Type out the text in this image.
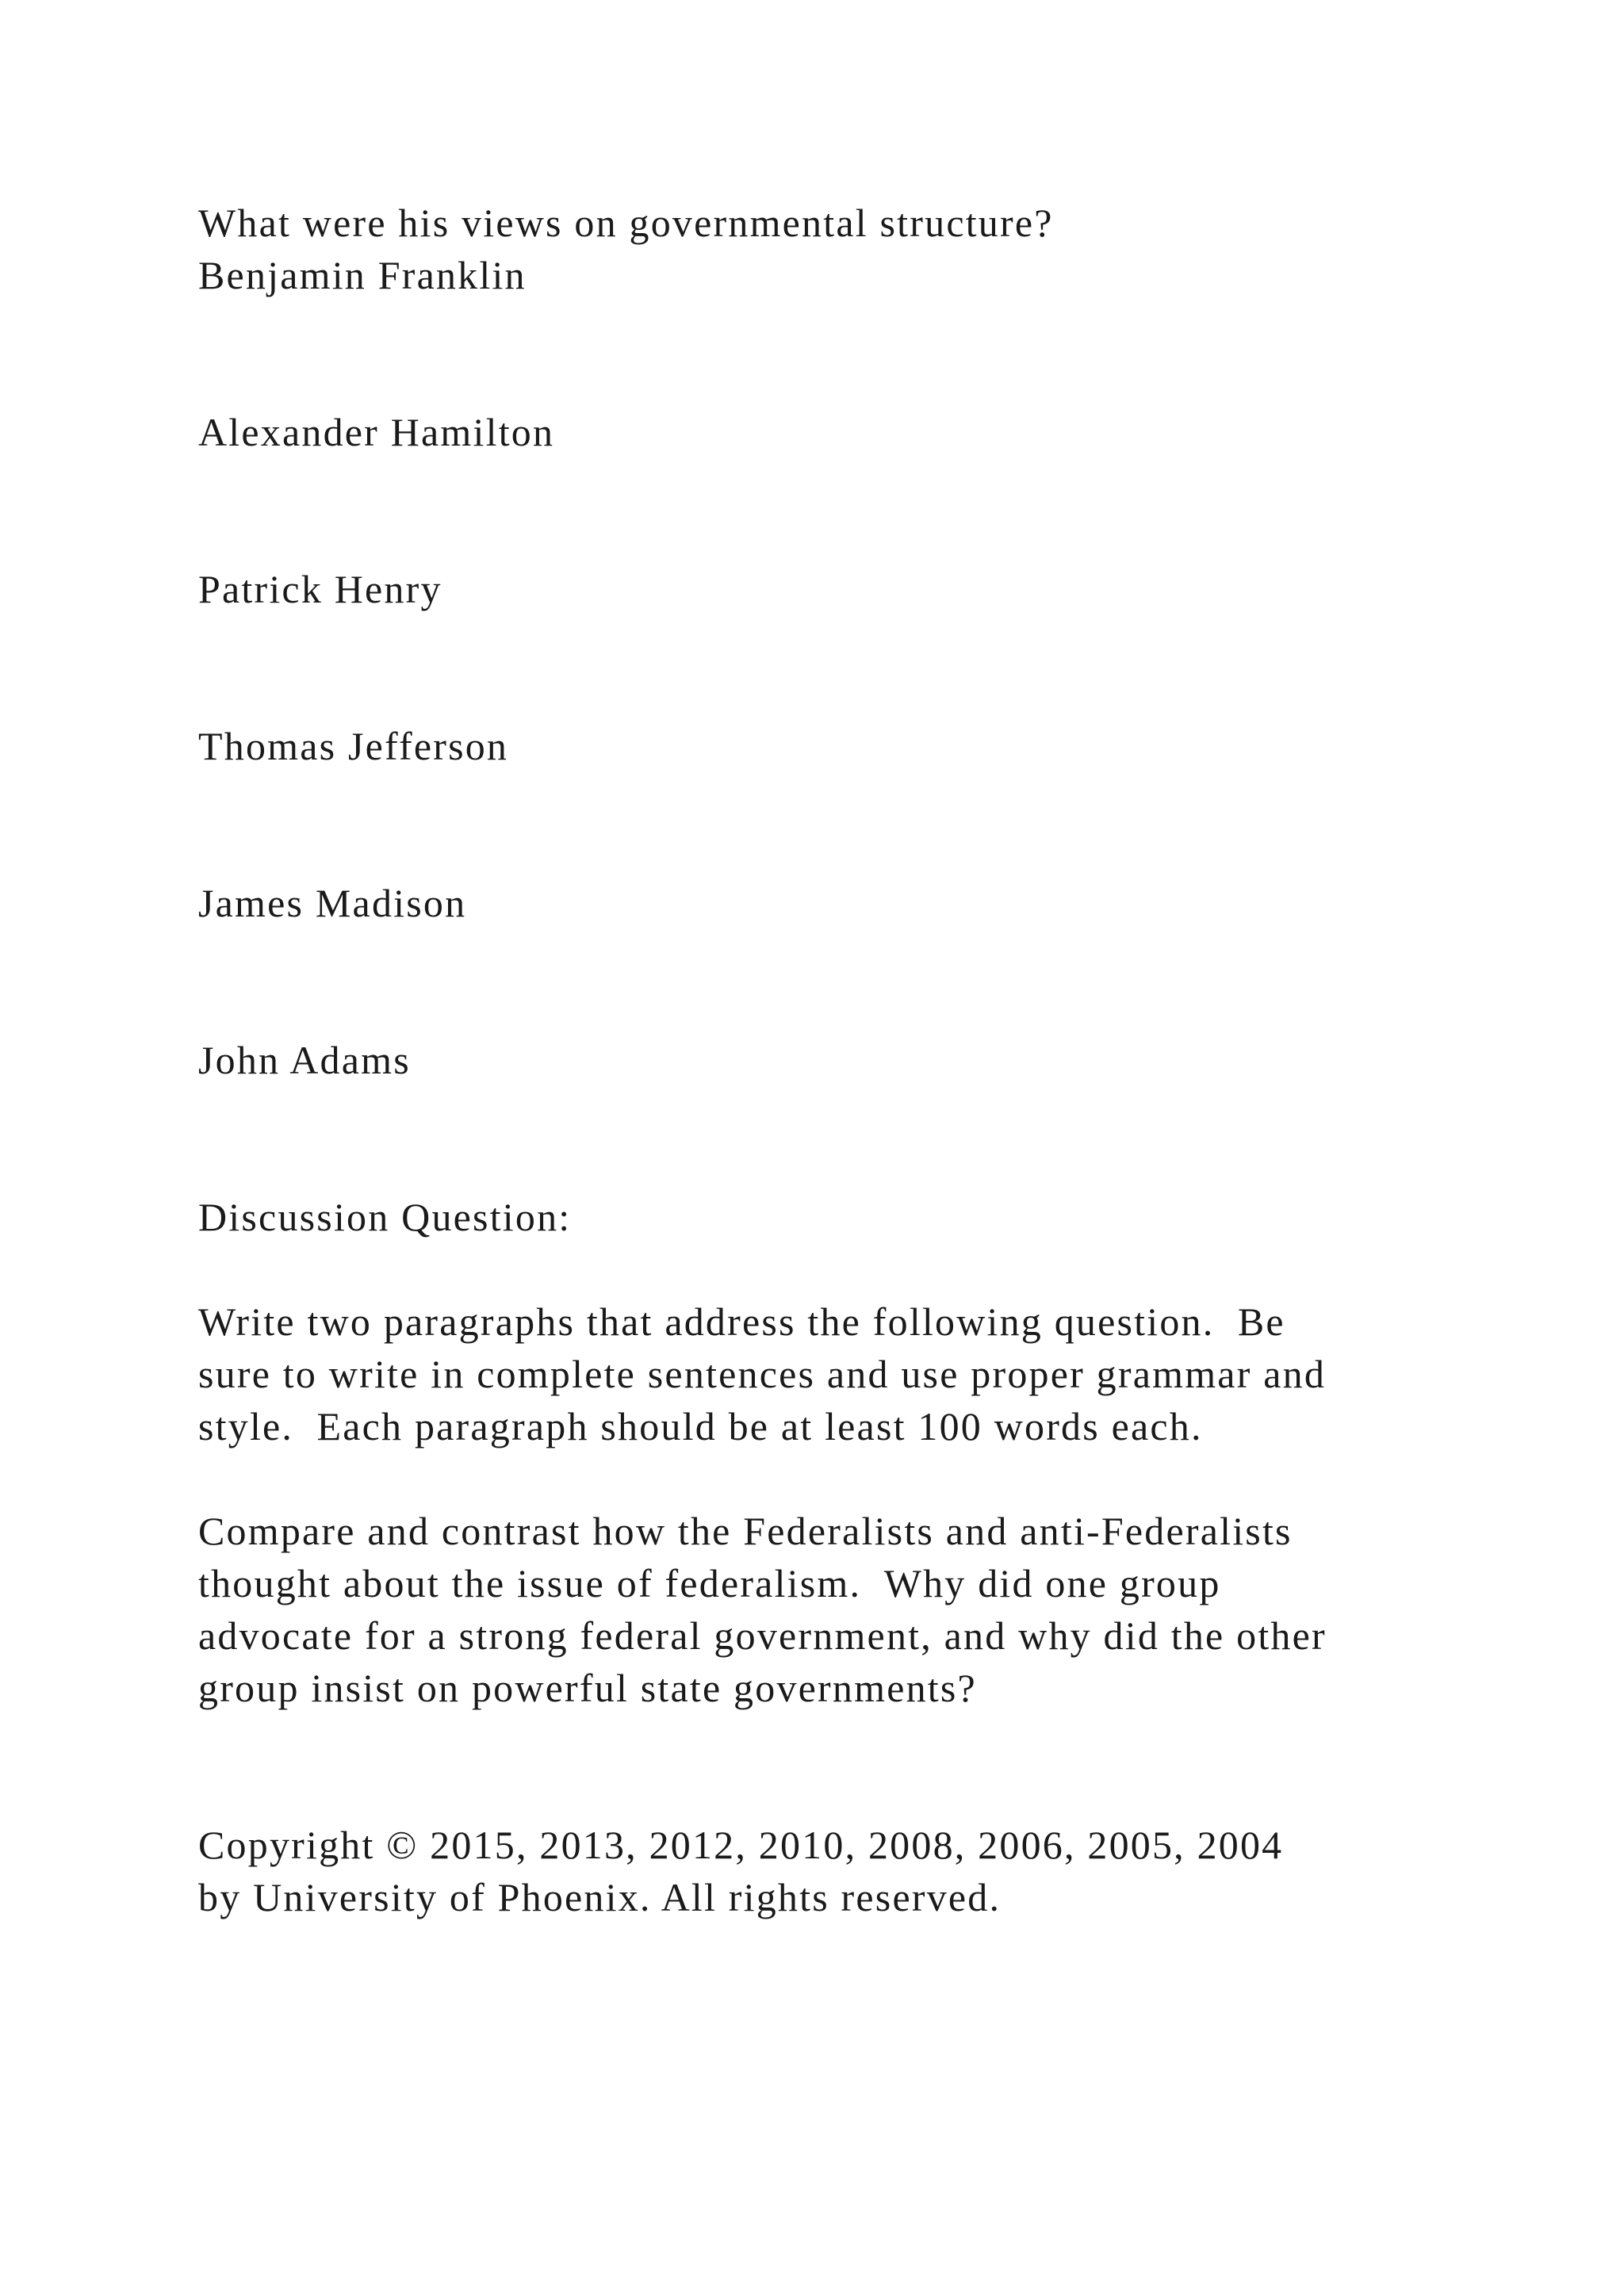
What were his views on governmental structure?

Benjamin Franklin

Alexander Hamilton

Patrick Henry

Thomas Jefferson

James Madison

John Adams

Discussion Question:

Write two paragraphs that address the following question.  Be

sure to write in complete sentences and use proper grammar and

style.  Each paragraph should be at least 100 words each.

Compare and contrast how the Federalists and anti-Federalists

thought about the issue of federalism.  Why did one group

advocate for a strong federal government, and why did the other

group insist on powerful state governments?

Copyright © 2015, 2013, 2012, 2010, 2008, 2006, 2005, 2004

by University of Phoenix. All rights reserved.
